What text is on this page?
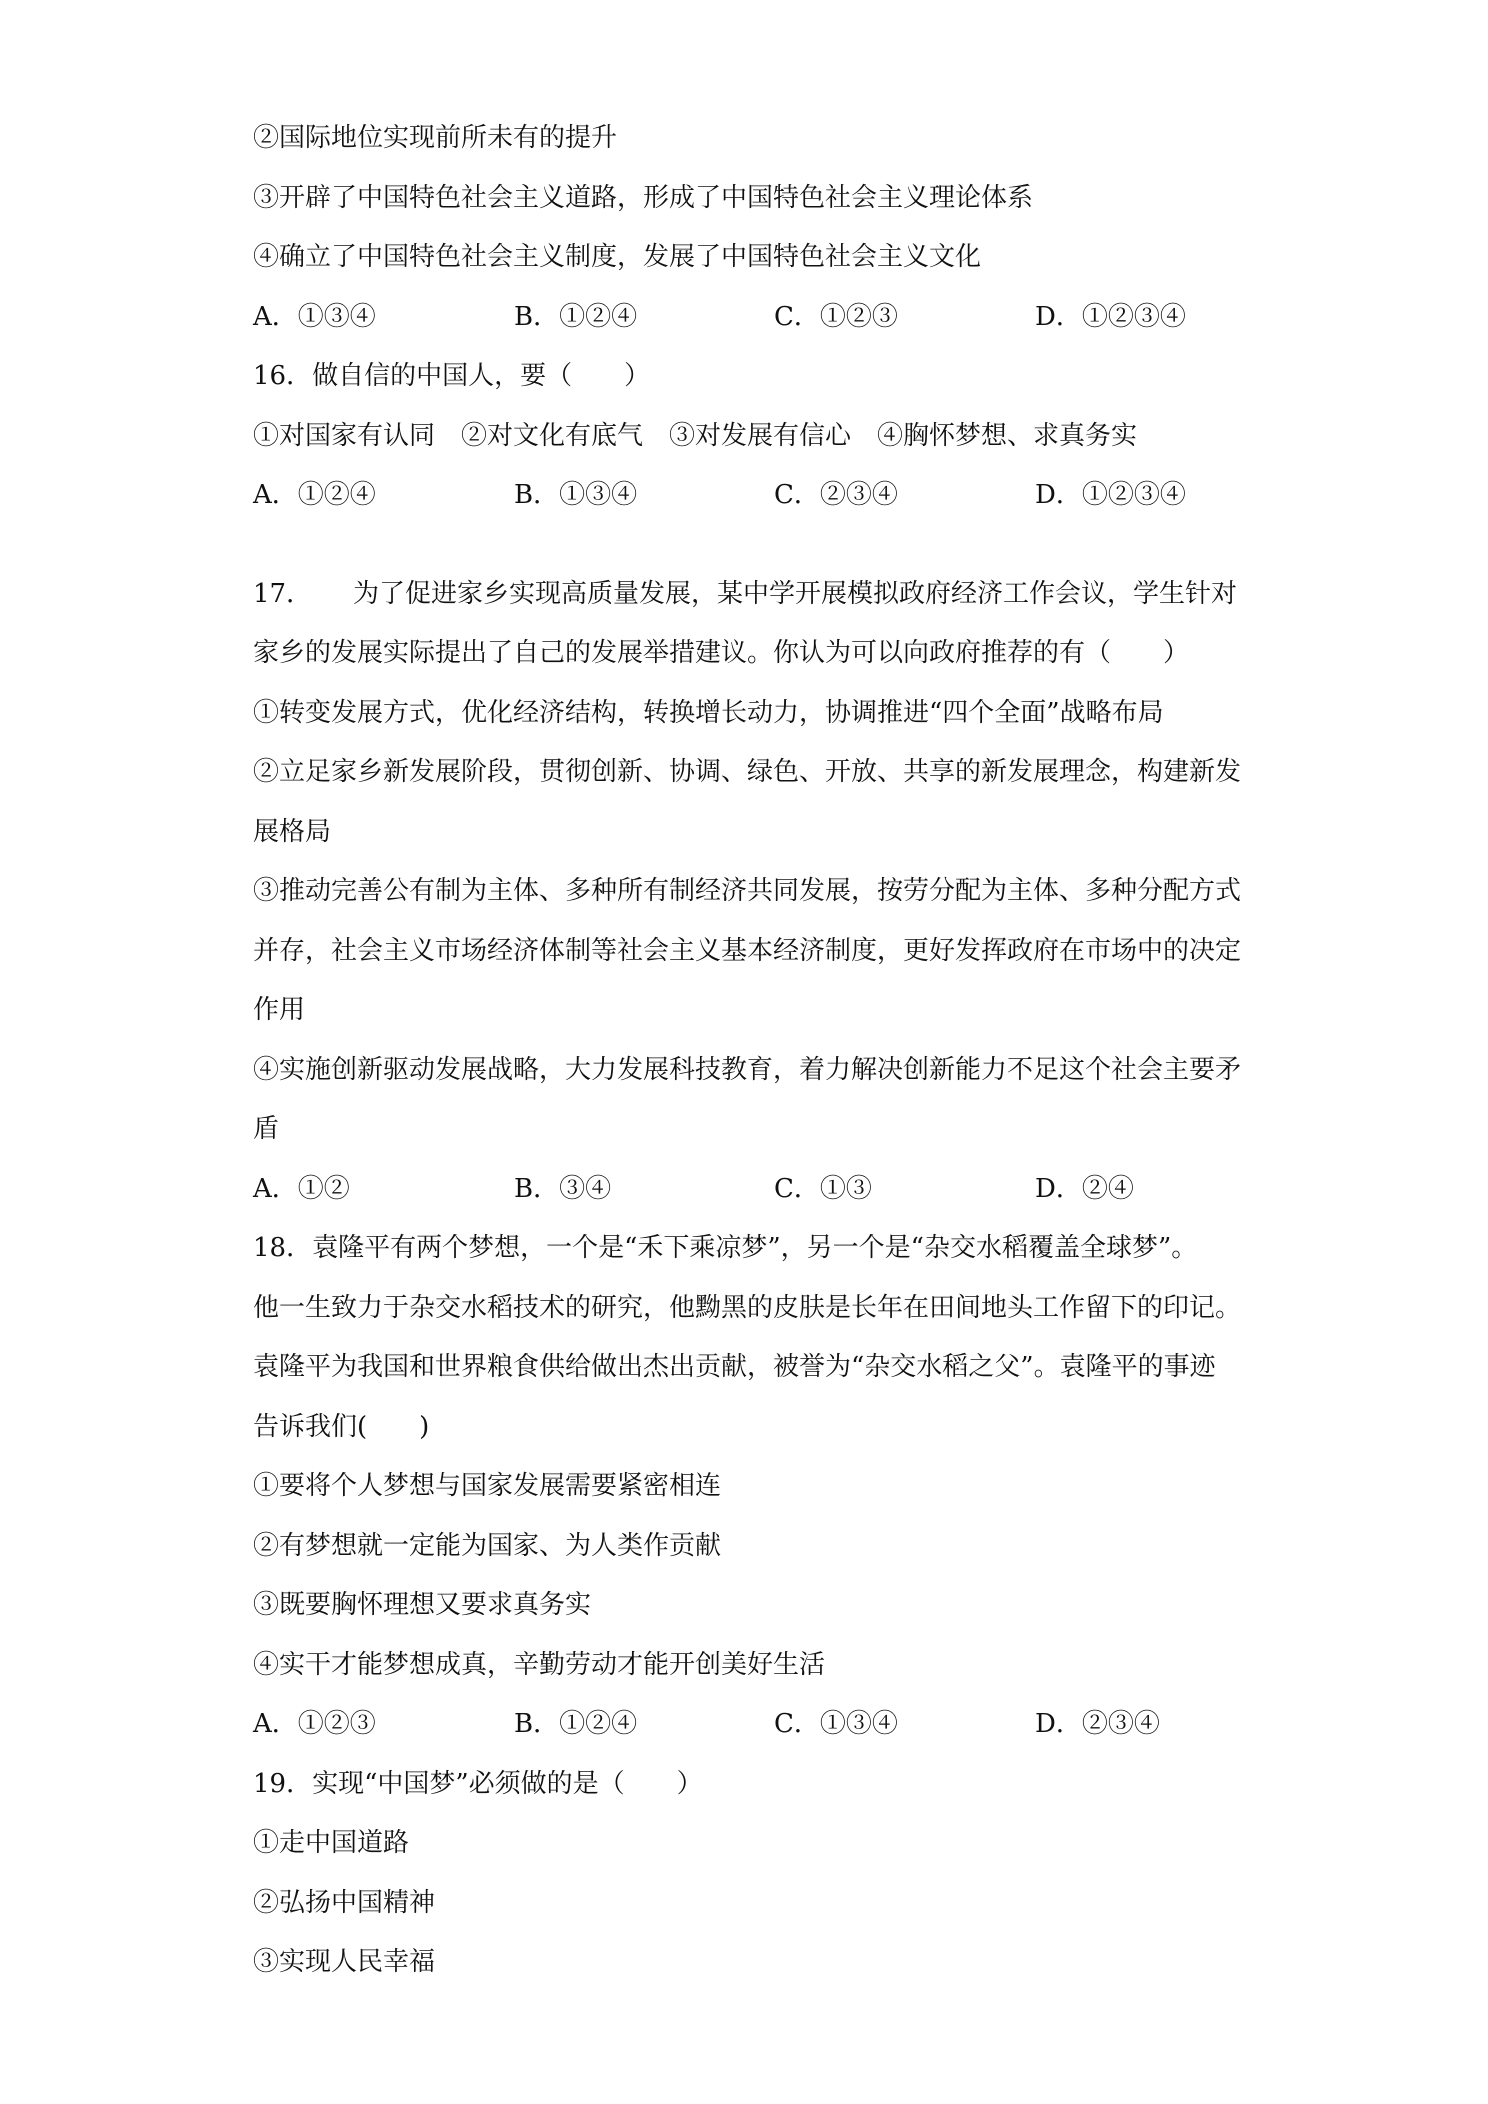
②国际地位实现前所未有的提升
③开辟了中国特色社会主义道路，形成了中国特色社会主义理论体系
④确立了中国特色社会主义制度，发展了中国特色社会主义文化
A．①③④	B．①②④	C．①②③	D．①②③④
16．做自信的中国人，要（　　）
①对国家有认同　②对文化有底气　③对发展有信心　④胸怀梦想、求真务实
A．①②④	B．①③④	C．②③④	D．①②③④
17． 为了促进家乡实现高质量发展，某中学开展模拟政府经济工作会议，学生针对
家乡的发展实际提出了自己的发展举措建议。你认为可以向政府推荐的有（　　）
①转变发展方式，优化经济结构，转换增长动力，协调推进“四个全面”战略布局
②立足家乡新发展阶段，贯彻创新、协调、绿色、开放、共享的新发展理念，构建新发
展格局
③推动完善公有制为主体、多种所有制经济共同发展，按劳分配为主体、多种分配方式
并存，社会主义市场经济体制等社会主义基本经济制度，更好发挥政府在市场中的决定
作用
④实施创新驱动发展战略，大力发展科技教育，着力解决创新能力不足这个社会主要矛
盾
A．①②	B．③④	C．①③	D．②④
18．袁隆平有两个梦想，一个是“禾下乘凉梦”，另一个是“杂交水稻覆盖全球梦”。
他一生致力于杂交水稻技术的研究，他黝黑的皮肤是长年在田间地头工作留下的印记。
袁隆平为我国和世界粮食供给做出杰出贡献，被誉为“杂交水稻之父”。袁隆平的事迹
告诉我们(　　)
①要将个人梦想与国家发展需要紧密相连
②有梦想就一定能为国家、为人类作贡献
③既要胸怀理想又要求真务实
④实干才能梦想成真，辛勤劳动才能开创美好生活
A．①②③	B．①②④	C．①③④	D．②③④
19．实现“中国梦”必须做的是（　　）
①走中国道路
②弘扬中国精神
③实现人民幸福
